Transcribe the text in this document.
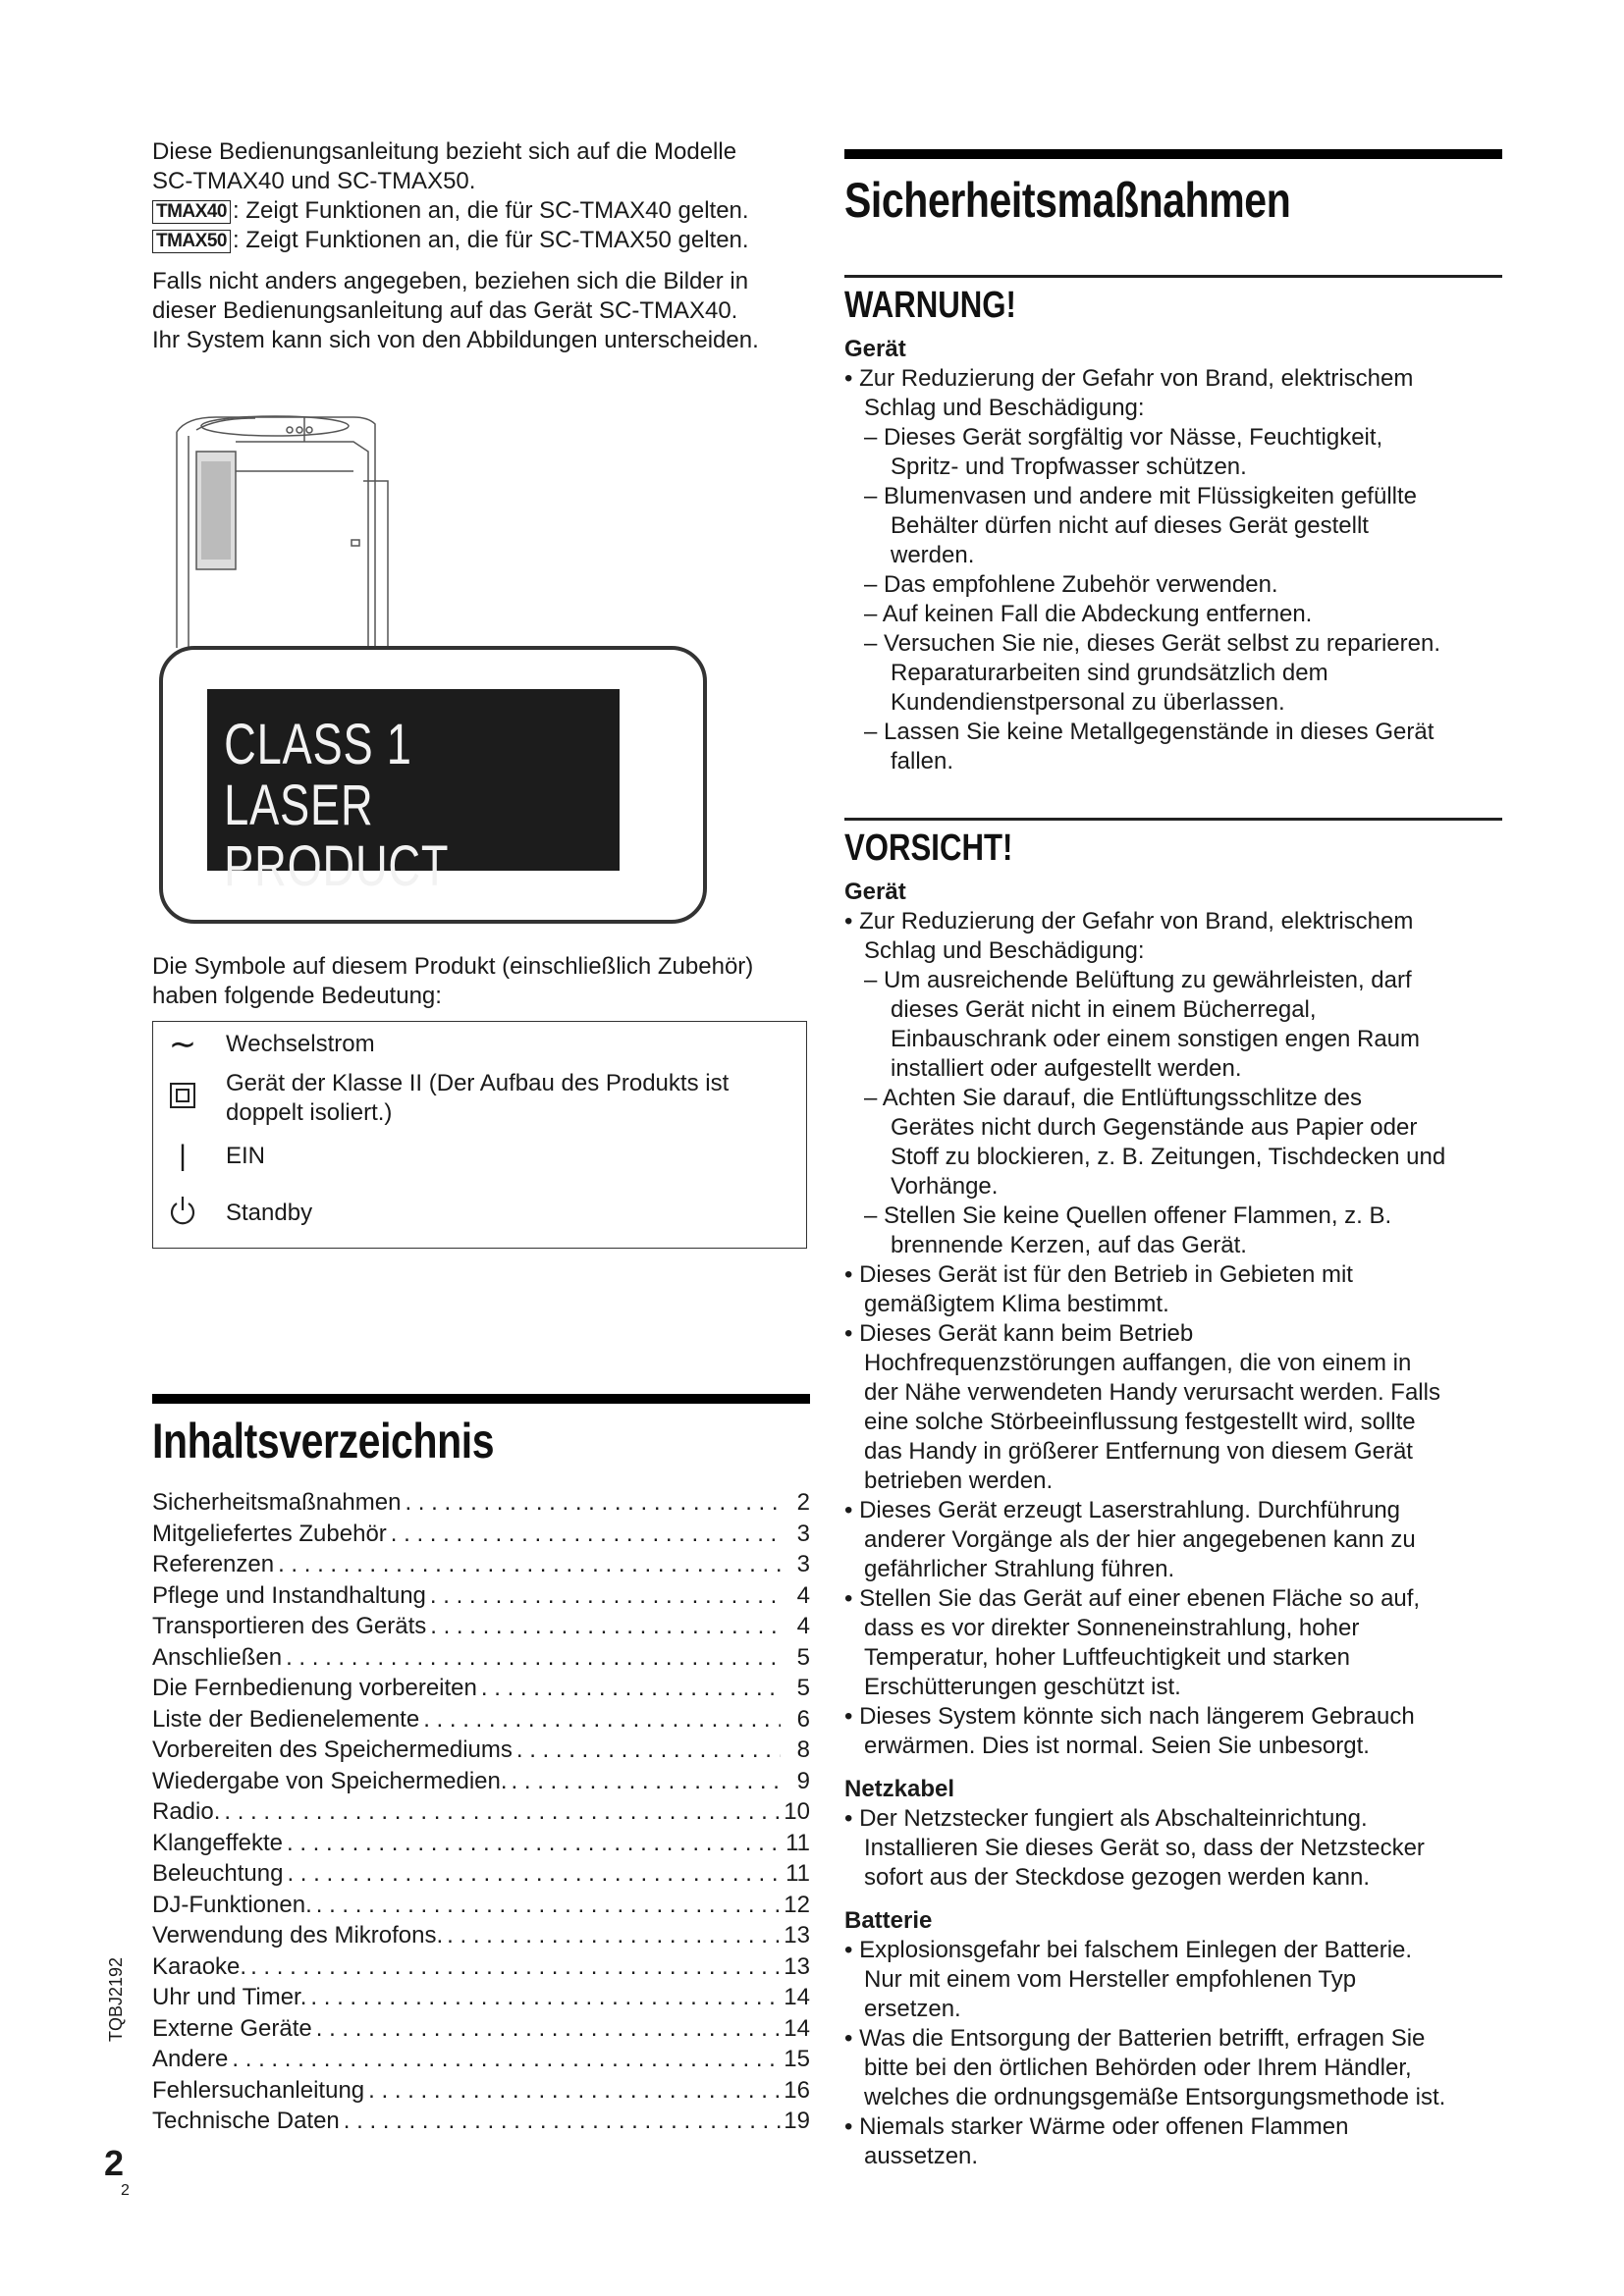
Diese Bedienungsanleitung bezieht sich auf die Modelle

SC-TMAX40 und SC-TMAX50.

TMAX40 : Zeigt Funktionen an, die für SC-TMAX40 gelten.

TMAX50 : Zeigt Funktionen an, die für SC-TMAX50 gelten.

Falls nicht anders angegeben, beziehen sich die Bilder in

dieser Bedienungsanleitung auf das Gerät SC-TMAX40.

Ihr System kann sich von den Abbildungen unterscheiden.

CLASS 1
LASER PRODUCT

Die Symbole auf diesem Produkt (einschließlich Zubehör)

haben folgende Bedeutung:

∼ Wechselstrom
Gerät der Klasse II (Der Aufbau des Produkts ist
doppelt isoliert.)
|	EIN
Standby
Inhaltsverzeichnis
Sicherheitsmaßnahmen . . .	2
Mitgeliefertes Zubehör . . .	3
Referenzen . . .	3
Pflege und Instandhaltung . . .	4
Transportieren des Geräts . . .	4
Anschließen . . .	5
Die Fernbedienung vorbereiten . . .	5
Liste der Bedienelemente . . .	6
Vorbereiten des Speichermediums . . .	8
Wiedergabe von Speichermedien. . . .	9
Radio. . . .	10
Klangeffekte . . .	11
Beleuchtung . . .	11
DJ-Funktionen. . . .	12
Verwendung des Mikrofons. . . .	13
Karaoke. . . .	13
Uhr und Timer. . . .	14
Externe Geräte . . .	14
Andere . . .	15
Fehlersuchanleitung . . .	16
Technische Daten . . .	19
Sicherheitsmaßnahmen
WARNUNG!
Gerät

• Zur Reduzierung der Gefahr von Brand, elektrischem

Schlag und Beschädigung:

– Dieses Gerät sorgfältig vor Nässe, Feuchtigkeit,

Spritz- und Tropfwasser schützen.

– Blumenvasen und andere mit Flüssigkeiten gefüllte

Behälter dürfen nicht auf dieses Gerät gestellt

werden.

– Das empfohlene Zubehör verwenden.

– Auf keinen Fall die Abdeckung entfernen.

– Versuchen Sie nie, dieses Gerät selbst zu reparieren.

Reparaturarbeiten sind grundsätzlich dem

Kundendienstpersonal zu überlassen.

– Lassen Sie keine Metallgegenstände in dieses Gerät

fallen.

VORSICHT!
Gerät

• Zur Reduzierung der Gefahr von Brand, elektrischem

Schlag und Beschädigung:

– Um ausreichende Belüftung zu gewährleisten, darf

dieses Gerät nicht in einem Bücherregal,

Einbauschrank oder einem sonstigen engen Raum

installiert oder aufgestellt werden.

– Achten Sie darauf, die Entlüftungsschlitze des

Gerätes nicht durch Gegenstände aus Papier oder

Stoff zu blockieren, z. B. Zeitungen, Tischdecken und

Vorhänge.

– Stellen Sie keine Quellen offener Flammen, z. B.

brennende Kerzen, auf das Gerät.

• Dieses Gerät ist für den Betrieb in Gebieten mit

gemäßigtem Klima bestimmt.

• Dieses Gerät kann beim Betrieb

Hochfrequenzstörungen auffangen, die von einem in

der Nähe verwendeten Handy verursacht werden. Falls

eine solche Störbeeinflussung festgestellt wird, sollte

das Handy in größerer Entfernung von diesem Gerät

betrieben werden.

• Dieses Gerät erzeugt Laserstrahlung. Durchführung

anderer Vorgänge als der hier angegebenen kann zu

gefährlicher Strahlung führen.

• Stellen Sie das Gerät auf einer ebenen Fläche so auf,

dass es vor direkter Sonneneinstrahlung, hoher

Temperatur, hoher Luftfeuchtigkeit und starken

Erschütterungen geschützt ist.

• Dieses System könnte sich nach längerem Gebrauch

erwärmen. Dies ist normal. Seien Sie unbesorgt.

Netzkabel

• Der Netzstecker fungiert als Abschalteinrichtung.

Installieren Sie dieses Gerät so, dass der Netzstecker

sofort aus der Steckdose gezogen werden kann.

Batterie

• Explosionsgefahr bei falschem Einlegen der Batterie.

Nur mit einem vom Hersteller empfohlenen Typ

ersetzen.

• Was die Entsorgung der Batterien betrifft, erfragen Sie

bitte bei den örtlichen Behörden oder Ihrem Händler,

welches die ordnungsgemäße Entsorgungsmethode ist.

• Niemals starker Wärme oder offenen Flammen

aussetzen.

TQBJ2192
2
2
